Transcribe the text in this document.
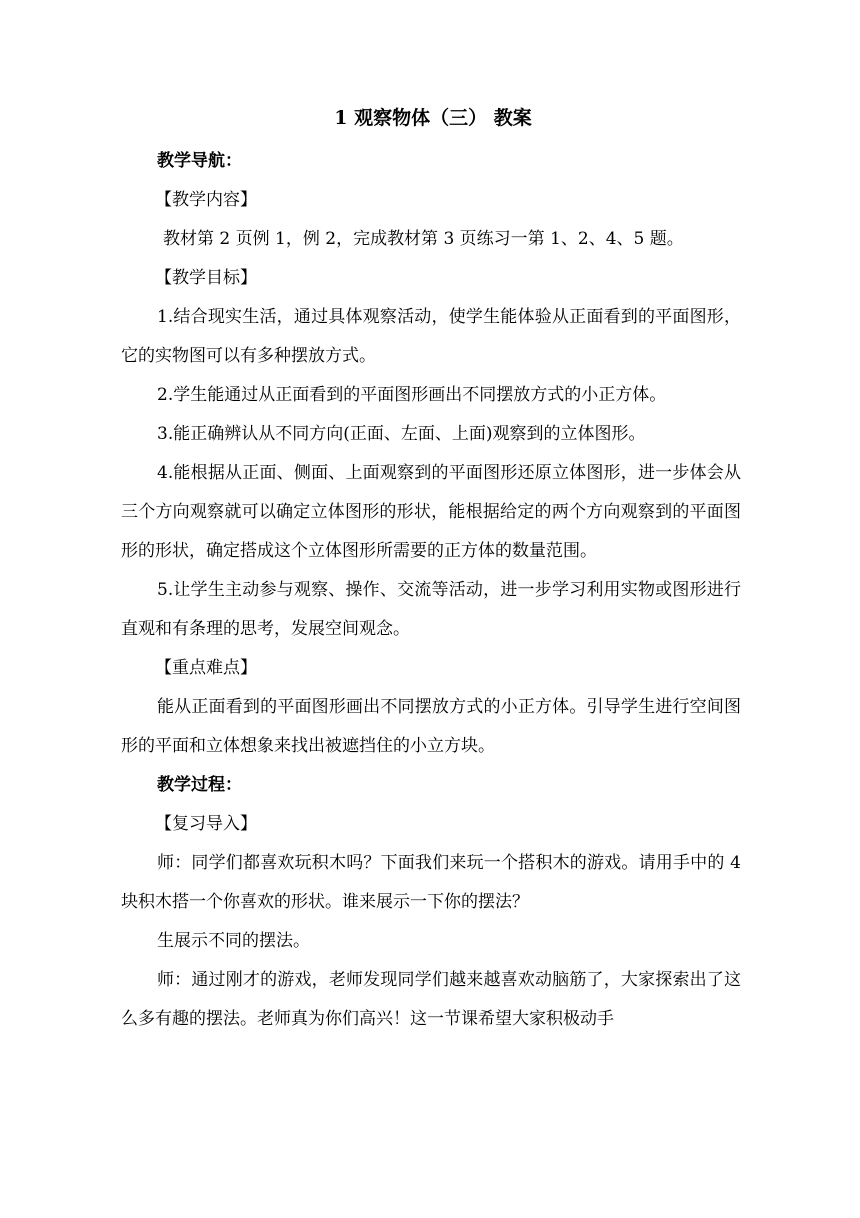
1 观察物体（三） 教案

教学导航：

【教学内容】

教材第 2 页例 1，例 2，完成教材第 3 页练习一第 1、2、4、5 题。

【教学目标】

1.结合现实生活，通过具体观察活动，使学生能体验从正面看到的平面图形，它的实物图可以有多种摆放方式。

2.学生能通过从正面看到的平面图形画出不同摆放方式的小正方体。

3.能正确辨认从不同方向(正面、左面、上面)观察到的立体图形。

4.能根据从正面、侧面、上面观察到的平面图形还原立体图形，进一步体会从三个方向观察就可以确定立体图形的形状，能根据给定的两个方向观察到的平面图形的形状，确定搭成这个立体图形所需要的正方体的数量范围。

5.让学生主动参与观察、操作、交流等活动，进一步学习利用实物或图形进行直观和有条理的思考，发展空间观念。

【重点难点】

能从正面看到的平面图形画出不同摆放方式的小正方体。引导学生进行空间图形的平面和立体想象来找出被遮挡住的小立方块。

教学过程：

【复习导入】

师：同学们都喜欢玩积木吗？下面我们来玩一个搭积木的游戏。请用手中的 4 块积木搭一个你喜欢的形状。谁来展示一下你的摆法？

生展示不同的摆法。

师：通过刚才的游戏，老师发现同学们越来越喜欢动脑筋了，大家探索出了这么多有趣的摆法。老师真为你们高兴！这一节课希望大家积极动手
